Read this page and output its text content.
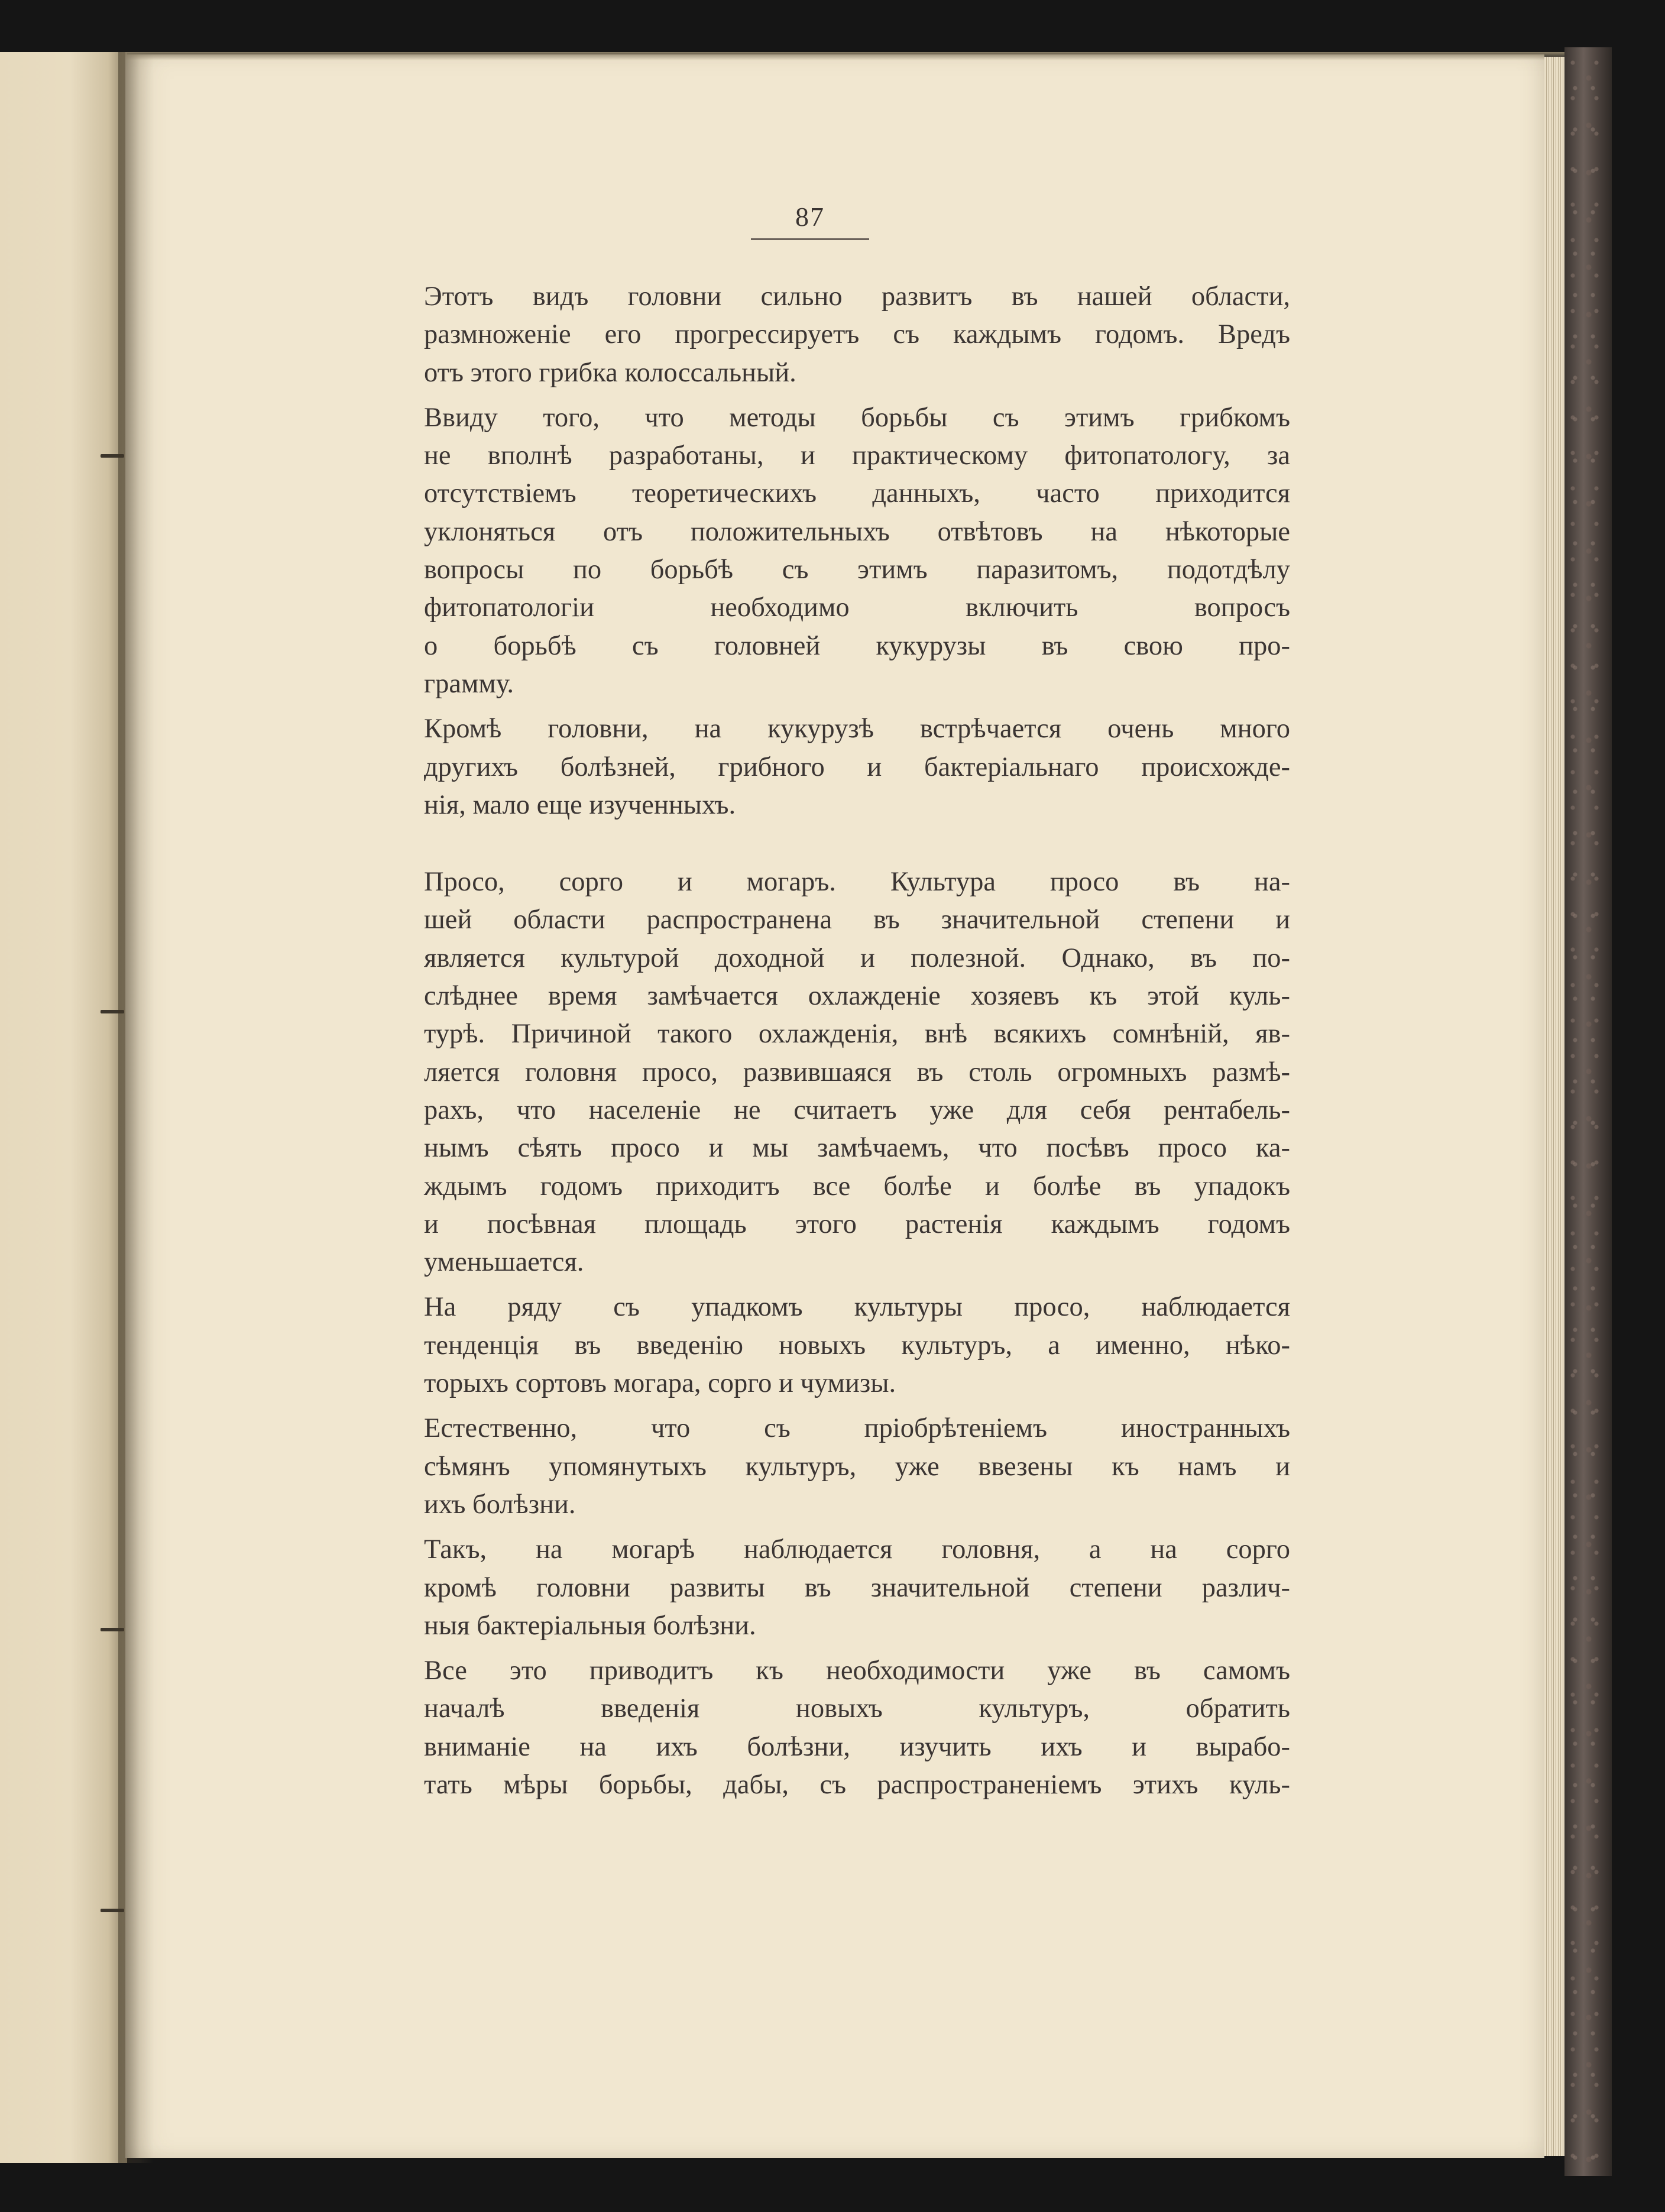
87

Этотъ видъ головни сильно развитъ въ нашей области,
размноженіе его прогрессируетъ съ каждымъ годомъ. Вредъ
отъ этого грибка колоссальный.

Ввиду того, что методы борьбы съ этимъ грибкомъ
не вполнѣ разработаны, и практическому фитопатологу, за
отсутствіемъ теоретическихъ данныхъ, часто приходится
уклоняться отъ положительныхъ отвѣтовъ на нѣкоторые
вопросы по борьбѣ съ этимъ паразитомъ, подотдѣлу
фитопатологіи необходимо включить вопросъ
о борьбѣ съ головней кукурузы въ свою про-
грамму.

Кромѣ головни, на кукурузѣ встрѣчается очень много
другихъ болѣзней, грибного и бактеріальнаго происхожде-
нія, мало еще изученныхъ.

Просо, сорго и могаръ. Культура просо въ на-
шей области распространена въ значительной степени и
является культурой доходной и полезной. Однако, въ по-
слѣднее время замѣчается охлажденіе хозяевъ къ этой куль-
турѣ. Причиной такого охлажденія, внѣ всякихъ сомнѣній, яв-
ляется головня просо, развившаяся въ столь огромныхъ размѣ-
рахъ, что населеніе не считаетъ уже для себя рентабель-
нымъ сѣять просо и мы замѣчаемъ, что посѣвъ просо ка-
ждымъ годомъ приходитъ все болѣе и болѣе въ упадокъ
и посѣвная площадь этого растенія каждымъ годомъ
уменьшается.

На ряду съ упадкомъ культуры просо, наблюдается
тенденція въ введенію новыхъ культуръ, а именно, нѣко-
торыхъ сортовъ могара, сорго и чумизы.

Естественно, что съ пріобрѣтеніемъ иностранныхъ
сѣмянъ упомянутыхъ культуръ, уже ввезены къ намъ и
ихъ болѣзни.

Такъ, на могарѣ наблюдается головня, а на сорго
кромѣ головни развиты въ значительной степени различ-
ныя бактеріальныя болѣзни.

Все это приводитъ къ необходимости уже въ самомъ
началѣ введенія новыхъ культуръ, обратить
вниманіе на ихъ болѣзни, изучить ихъ и вырабо-
тать мѣры борьбы, дабы, съ распространеніемъ этихъ куль-
